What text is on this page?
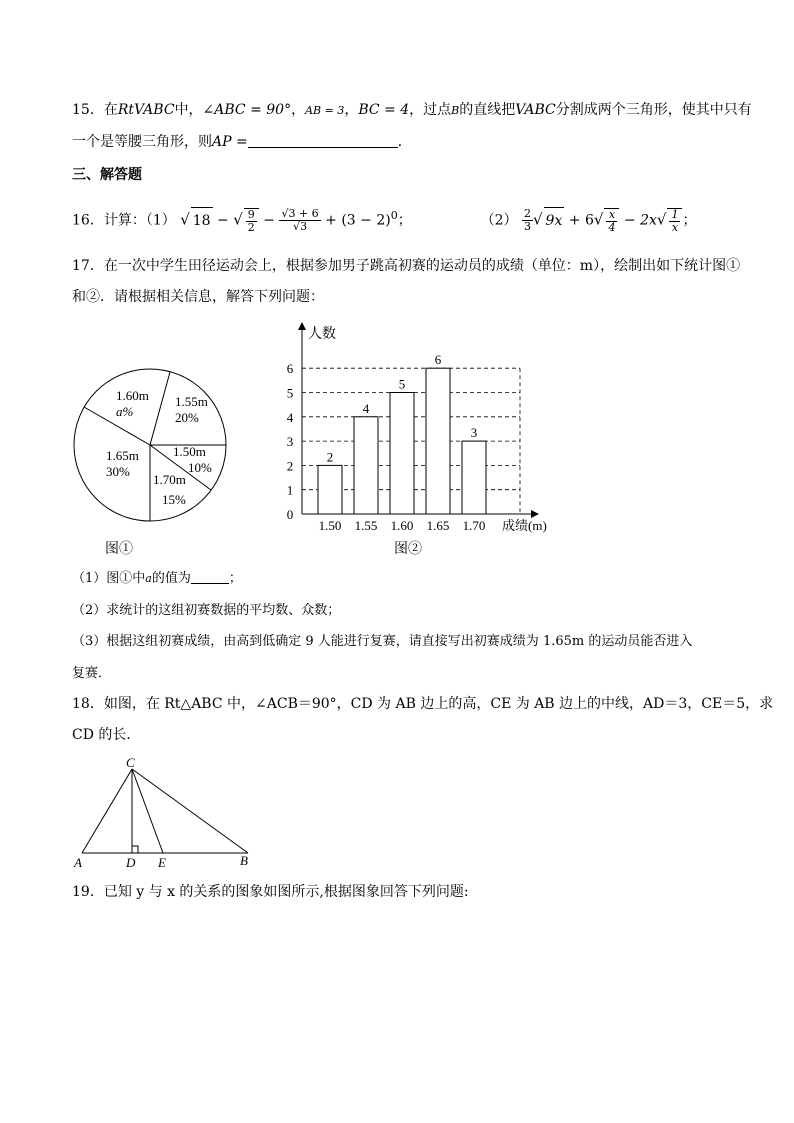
15．在RtVABC中，∠ABC = 90°，AB = 3，BC = 4，过点B的直线把VABC分割成两个三角形，使其中只有
一个是等腰三角形，则AP =	．
三、解答题
16．计算：（1） √ 18 − √ $\frac{9}{2} - \frac{√3 + 6}{√3} + (3 - 2)^0$；	$(2) \frac{2}{3}$ √ $9x + 6√ \frac{x}{4} - 2x√ \frac{1}{x}$ ；
17．在一次中学生田径运动会上，根据参加男子跳高初赛的运动员的成绩（单位：m），绘制出如下统计图①
和②．请根据相关信息，解答下列问题：
1.60m
a%
1.55m
20%
1.50m
10%
1.70m
15%
1.65m
30%
图①
人数
成绩(m)
0
1
2
3
4
5
6
2
1.50
4
1.55
5
1.60
6
1.65
3
1.70
图②
（1）图①中a的值为	；
（2）求统计的这组初赛数据的平均数、众数；
（3）根据这组初赛成绩，由高到低确定 9 人能进行复赛，请直接写出初赛成绩为 1.65m 的运动员能否进入
复赛．
18．如图，在 Rt△ABC 中，∠ACB＝90°，CD 为 AB 边上的高，CE 为 AB 边上的中线，AD＝3，CE＝5，求
CD 的长．
C
A	D E	B
19．已知 y 与 x 的关系的图象如图所示,根据图象回答下列问题:
